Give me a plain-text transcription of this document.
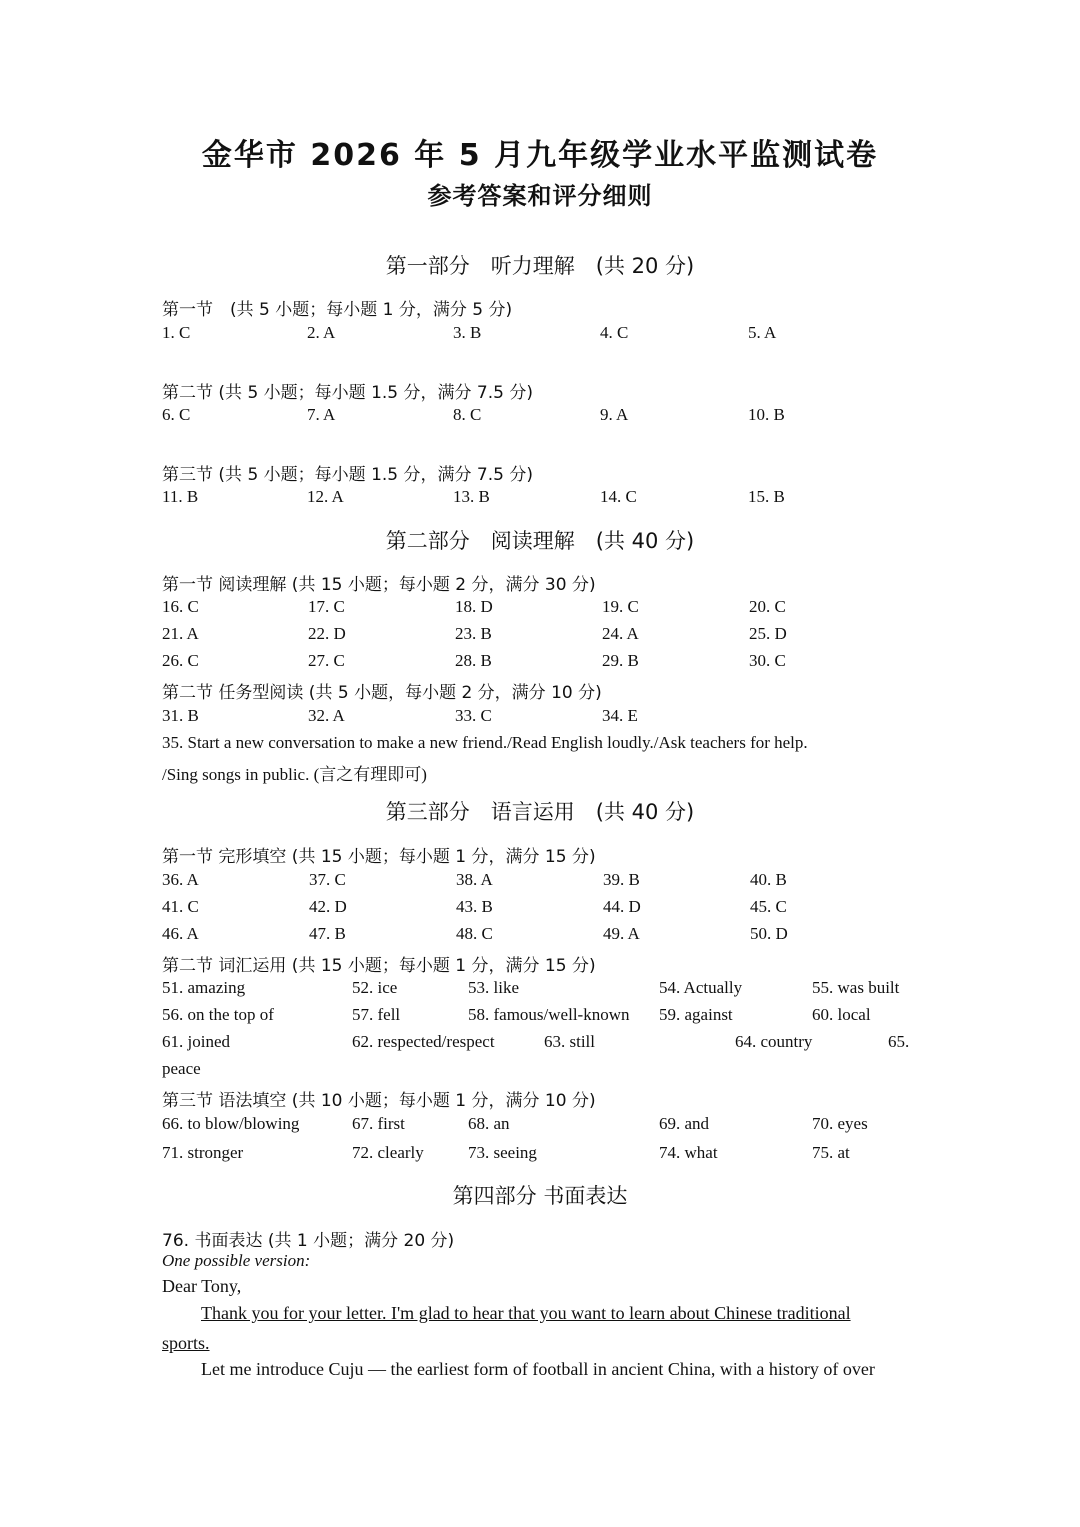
金华市 2026 年 5 月九年级学业水平监测试卷
参考答案和评分细则
第一部分　听力理解　(共 20 分)
第一节　(共 5 小题；每小题 1 分，满分 5 分)
1. C	2. A	3. B	4. C	5. A
第二节 (共 5 小题；每小题 1.5 分，满分 7.5 分)
6. C	7. A	8. C	9. A	10. B
第三节 (共 5 小题；每小题 1.5 分，满分 7.5 分)
11. B	12. A	13. B	14. C	15. B
第二部分　阅读理解　(共 40 分)
第一节 阅读理解 (共 15 小题；每小题 2 分，满分 30 分)
16. C	17. C	18. D	19. C	20. C
21. A	22. D	23. B	24. A	25. D
26. C	27. C	28. B	29. B	30. C
第二节 任务型阅读 (共 5 小题，每小题 2 分，满分 10 分)
31. B	32. A	33. C	34. E
35. Start a new conversation to make a new friend./Read English loudly./Ask teachers for help.
/Sing songs in public. (言之有理即可)
第三部分　语言运用　(共 40 分)
第一节 完形填空 (共 15 小题；每小题 1 分，满分 15 分)
36. A	37. C	38. A	39. B	40. B
41. C	42. D	43. B	44. D	45. C
46. A	47. B	48. C	49. A	50. D
第二节 词汇运用 (共 15 小题；每小题 1 分，满分 15 分)
51. amazing	52. ice	53. like	54. Actually	55. was built
56. on the top of	57. fell	58. famous/well-known 59. against	60. local
61. joined	62. respected/respect	63. still	64. country	65.
peace
第三节 语法填空 (共 10 小题；每小题 1 分，满分 10 分)
66. to blow/blowing	67. first	68. an	69. and	70. eyes
71. stronger	72. clearly	73. seeing	74. what	75. at
第四部分 书面表达
76. 书面表达 (共 1 小题；满分 20 分)
One possible version:
Dear Tony,
Thank you for your letter. I'm glad to hear that you want to learn about Chinese traditional
sports.
Let me introduce Cuju — the earliest form of football in ancient China, with a history of over
